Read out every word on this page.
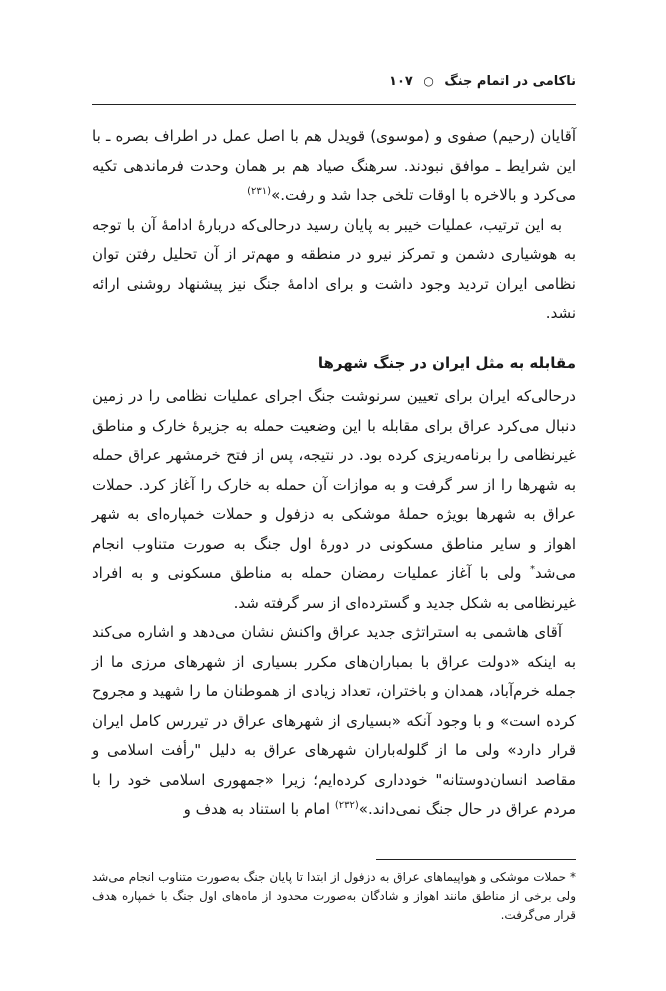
ناکامی در اتمام جنگ ○ ۱۰۷

آقایان (رحیم) صفوی و (موسوی) قویدل هم با اصل عمل در اطراف بصره ـ با این شرایط ـ موافق نبودند. سرهنگ صیاد هم بر همان وحدت فرماندهی تکیه می‌کرد و بالاخره با اوقات تلخی جدا شد و رفت.»$^{(۲۳۱)}$

به این ترتیب، عملیات خیبر به پایان رسید درحالی‌که دربارهٔ ادامهٔ آن با توجه به هوشیاری دشمن و تمرکز نیرو در منطقه و مهم‌تر از آن تحلیل رفتن توان نظامی ایران تردید وجود داشت و برای ادامهٔ جنگ نیز پیشنهاد روشنی ارائه نشد.

مقابله به مثل ایران در جنگ شهرها

درحالی‌که ایران برای تعیین سرنوشت جنگ اجرای عملیات نظامی را در زمین دنبال می‌کرد عراق برای مقابله با این وضعیت حمله به جزیرهٔ خارک و مناطق غیرنظامی را برنامه‌ریزی کرده بود. در نتیجه، پس از فتح خرمشهر عراق حمله به شهرها را از سر گرفت و به موازات آن حمله به خارک را آغاز کرد. حملات عراق به شهرها بویژه حملهٔ موشکی به دزفول و حملات خمپاره‌ای به شهر اهواز و سایر مناطق مسکونی در دورهٔ اول جنگ به صورت متناوب انجام می‌شد* ولی با آغاز عملیات رمضان حمله به مناطق مسکونی و به افراد غیرنظامی به شکل جدید و گسترده‌ای از سر گرفته شد.

آقای هاشمی به استراتژی جدید عراق واکنش نشان می‌دهد و اشاره می‌کند به اینکه «دولت عراق با بمباران‌های مکرر بسیاری از شهرهای مرزی ما از جمله خرم‌آباد، همدان و باختران، تعداد زیادی از هموطنان ما را شهید و مجروح کرده است» و با وجود آنکه «بسیاری از شهرهای عراق در تیررس کامل ایران قرار دارد» ولی ما از گلوله‌باران شهرهای عراق به دلیل "رأفت اسلامی و مقاصد انسان‌دوستانه" خودداری کرده‌ایم؛ زیرا «جمهوری اسلامی خود را با مردم عراق در حال جنگ نمی‌داند.»$^{(۲۳۲)}$ امام با استناد به هدف و

* حملات موشکی و هواپیماهای عراق به دزفول از ابتدا تا پایان جنگ به‌صورت متناوب انجام می‌شد ولی برخی از مناطق مانند اهواز و شادگان به‌صورت محدود از ماه‌های اول جنگ با خمپاره هدف قرار می‌گرفت.
